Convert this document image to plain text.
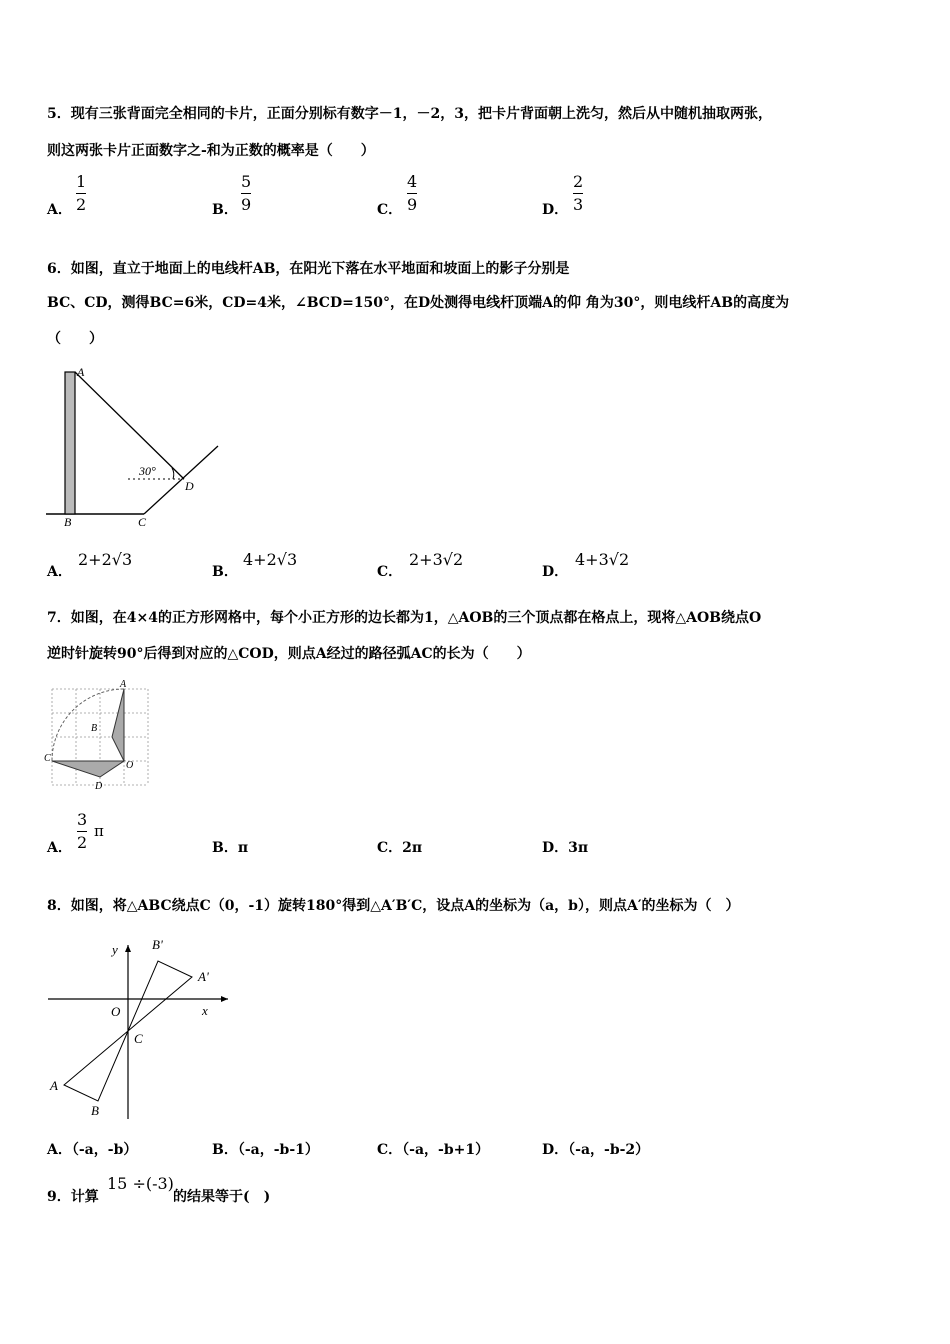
5．现有三张背面完全相同的卡片，正面分别标有数字－1，－2，3，把卡片背面朝上洗匀，然后从中随机抽取两张，
则这两张卡片正面数字之-和为正数的概率是（　　）
A．
1
2	B．
5
9	C．
4
9	D．
2
3
6．如图，直立于地面上的电线杆AB，在阳光下落在水平地面和坡面上的影子分别是
BC、CD，测得BC=6米，CD=4米，∠BCD=150°，在D处测得电线杆顶端A的仰 角为30°，则电线杆AB的高度为
（　　）
A
B	C
D
30°
A．
2+2√3
B．
4+2√3
C．
2+3√2
D．
4+3√2
7．如图，在4×4的正方形网格中，每个小正方形的边长都为1，△AOB的三个顶点都在格点上，现将△AOB绕点O
逆时针旋转90°后得到对应的△COD，则点A经过的路径弧AC的长为（　　）
A
B
C
D
O
A．
3
2
π
B．π	C．2π	D．3π
8．如图，将△ABC绕点C（0，-1）旋转180°得到△A′B′C，设点A的坐标为（a，b），则点A′的坐标为（　）
y
x
O
C
A
B
A'
B'
A．（-a，-b）	B．（-a，-b-1）	C．（-a，-b+1）	D．（-a，-b-2）
9．计算
15 ÷(-3)
的结果等于(　)
